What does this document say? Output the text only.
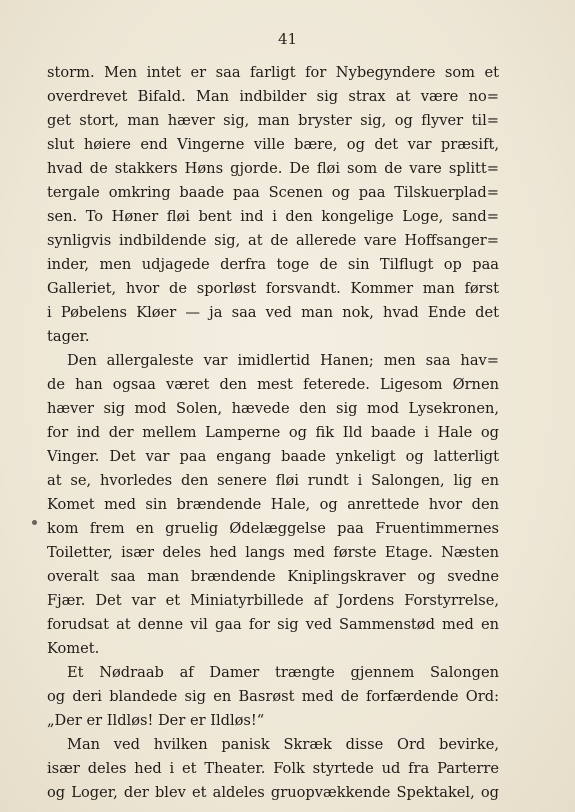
41
storm. Men intet er saa farligt for Nybegyndere som et
overdrevet Bifald. Man indbilder sig strax at være no=
get stort, man hæver sig, man bryster sig, og flyver til=
slut høiere end Vingerne ville bære, og det var præsift,
hvad de stakkers Høns gjorde. De fløi som de vare splitt=
tergale omkring baade paa Scenen og paa Tilskuerplad=
sen. To Høner fløi bent ind i den kongelige Loge, sand=
synligvis indbildende sig, at de allerede vare Hoffsanger=
inder, men udjagede derfra toge de sin Tilflugt op paa
Galleriet, hvor de sporløst forsvandt. Kommer man først
i Pøbelens Kløer — ja saa ved man nok, hvad Ende det
tager.
Den allergaleste var imidlertid Hanen; men saa hav=
de han ogsaa været den mest feterede. Ligesom Ørnen
hæver sig mod Solen, hævede den sig mod Lysekronen,
for ind der mellem Lamperne og fik Ild baade i Hale og
Vinger. Det var paa engang baade ynkeligt og latterligt
at se, hvorledes den senere fløi rundt i Salongen, lig en
Komet med sin brændende Hale, og anrettede hvor den
kom frem en gruelig Ødelæggelse paa Fruentimmernes
Toiletter, især deles hed langs med første Etage. Næsten
overalt saa man brændende Kniplingskraver og svedne
Fjær. Det var et Miniatyrbillede af Jordens Forstyrrelse,
forudsat at denne vil gaa for sig ved Sammenstød med en
Komet.
Et Nødraab af Damer trængte gjennem Salongen
og deri blandede sig en Basrøst med de forfærdende Ord:
„Der er Ildløs! Der er Ildløs!“
Man ved hvilken panisk Skræk disse Ord bevirke,
især deles hed i et Theater. Folk styrtede ud fra Parterre
og Loger, der blev et aldeles gruopvækkende Spektakel, og
